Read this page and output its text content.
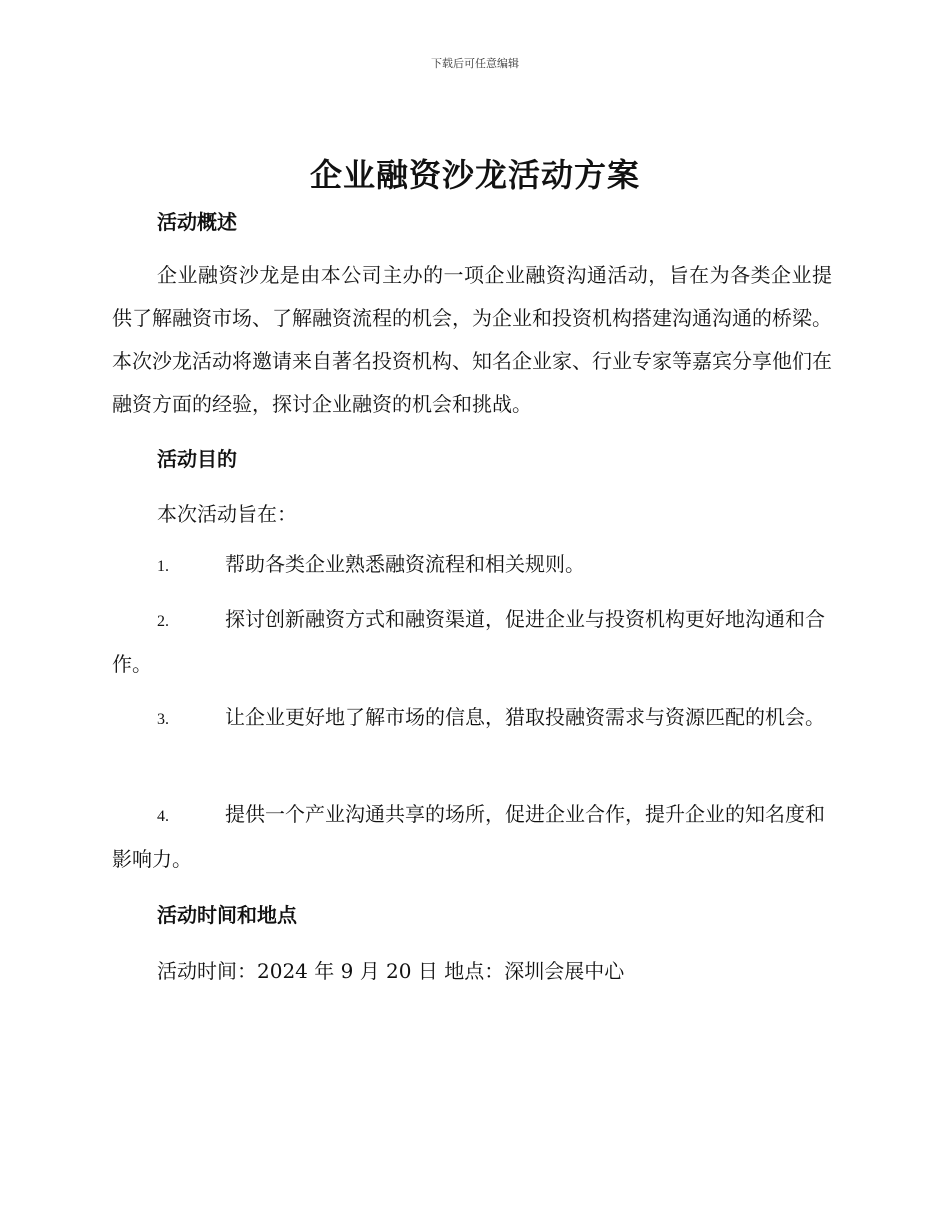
下载后可任意编辑
企业融资沙龙活动方案
活动概述
企业融资沙龙是由本公司主办的一项企业融资沟通活动，旨在为各类企业提供了解融资市场、了解融资流程的机会，为企业和投资机构搭建沟通沟通的桥梁。本次沙龙活动将邀请来自著名投资机构、知名企业家、行业专家等嘉宾分享他们在融资方面的经验，探讨企业融资的机会和挑战。
活动目的
本次活动旨在：
1.	帮助各类企业熟悉融资流程和相关规则。
2.	探讨创新融资方式和融资渠道，促进企业与投资机构更好地沟通和合作。
3.	让企业更好地了解市场的信息，猎取投融资需求与资源匹配的机会。
4.	提供一个产业沟通共享的场所，促进企业合作，提升企业的知名度和影响力。
活动时间和地点
活动时间：2024 年 9 月 20 日 地点：深圳会展中心
